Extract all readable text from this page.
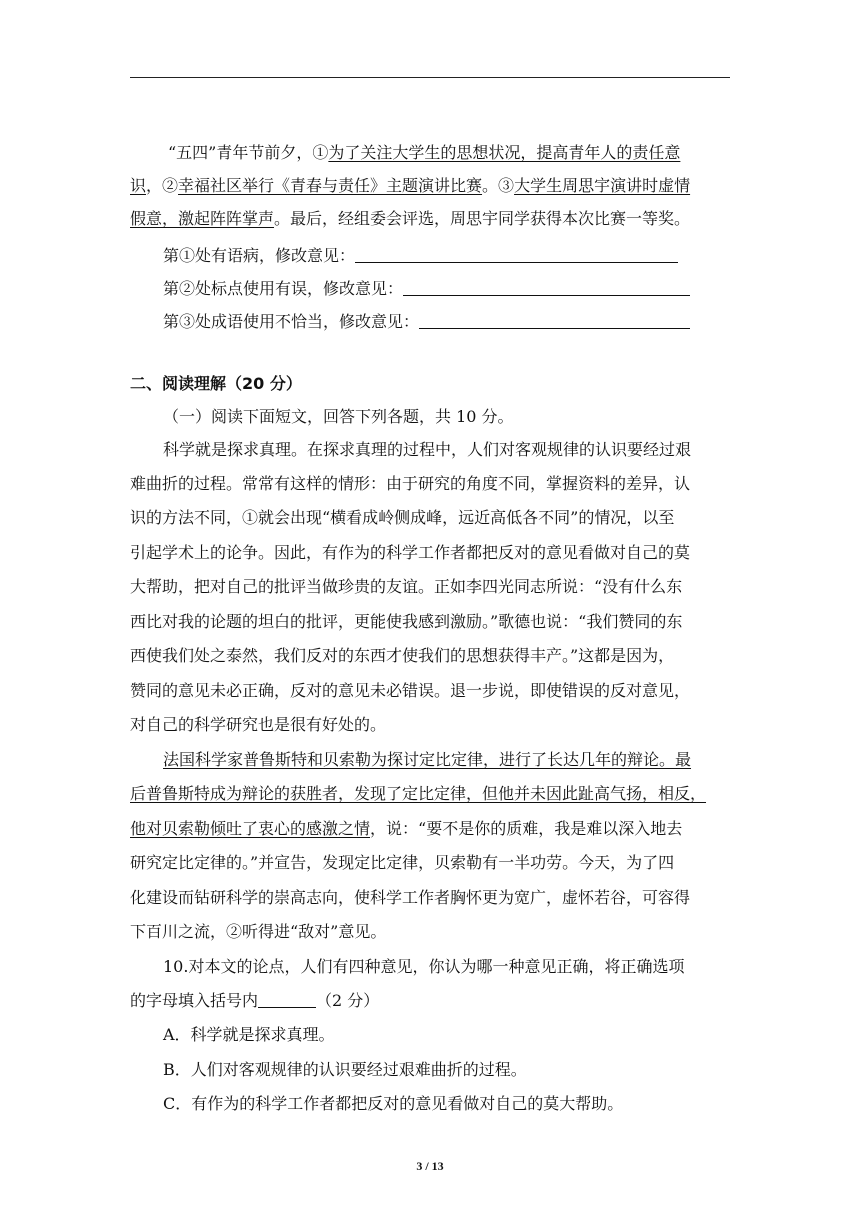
“五四”青年节前夕，①为了关注大学生的思想状况，提高青年人的责任意
识，②幸福社区举行《青春与责任》主题演讲比赛。③大学生周思宇演讲时虚情
假意，激起阵阵掌声。最后，经组委会评选，周思宇同学获得本次比赛一等奖。
第①处有语病，修改意见：
第②处标点使用有误，修改意见：
第③处成语使用不恰当，修改意见：
二、阅读理解（20 分）
（一）阅读下面短文，回答下列各题，共 10 分。
科学就是探求真理。在探求真理的过程中，人们对客观规律的认识要经过艰
难曲折的过程。常常有这样的情形：由于研究的角度不同，掌握资料的差异，认
识的方法不同，①就会出现“横看成岭侧成峰，远近高低各不同”的情况，以至
引起学术上的论争。因此，有作为的科学工作者都把反对的意见看做对自己的莫
大帮助，把对自己的批评当做珍贵的友谊。正如李四光同志所说：“没有什么东
西比对我的论题的坦白的批评，更能使我感到激励。”歌德也说：“我们赞同的东
西使我们处之泰然，我们反对的东西才使我们的思想获得丰产。”这都是因为，
赞同的意见未必正确，反对的意见未必错误。退一步说，即使错误的反对意见，
对自己的科学研究也是很有好处的。
法国科学家普鲁斯特和贝索勒为探讨定比定律，进行了长达几年的辩论。最
后普鲁斯特成为辩论的获胜者，发现了定比定律，但他并未因此趾高气扬，相反，
他对贝索勒倾吐了衷心的感激之情，说：“要不是你的质难，我是难以深入地去
研究定比定律的。”并宣告，发现定比定律，贝索勒有一半功劳。今天，为了四
化建设而钻研科学的崇高志向，使科学工作者胸怀更为宽广，虚怀若谷，可容得
下百川之流，②听得进“敌对”意见。
10.对本文的论点，人们有四种意见，你认为哪一种意见正确，将正确选项
的字母填入括号内	（2 分）
A．科学就是探求真理。
B．人们对客观规律的认识要经过艰难曲折的过程。
C．有作为的科学工作者都把反对的意见看做对自己的莫大帮助。
3 / 13
